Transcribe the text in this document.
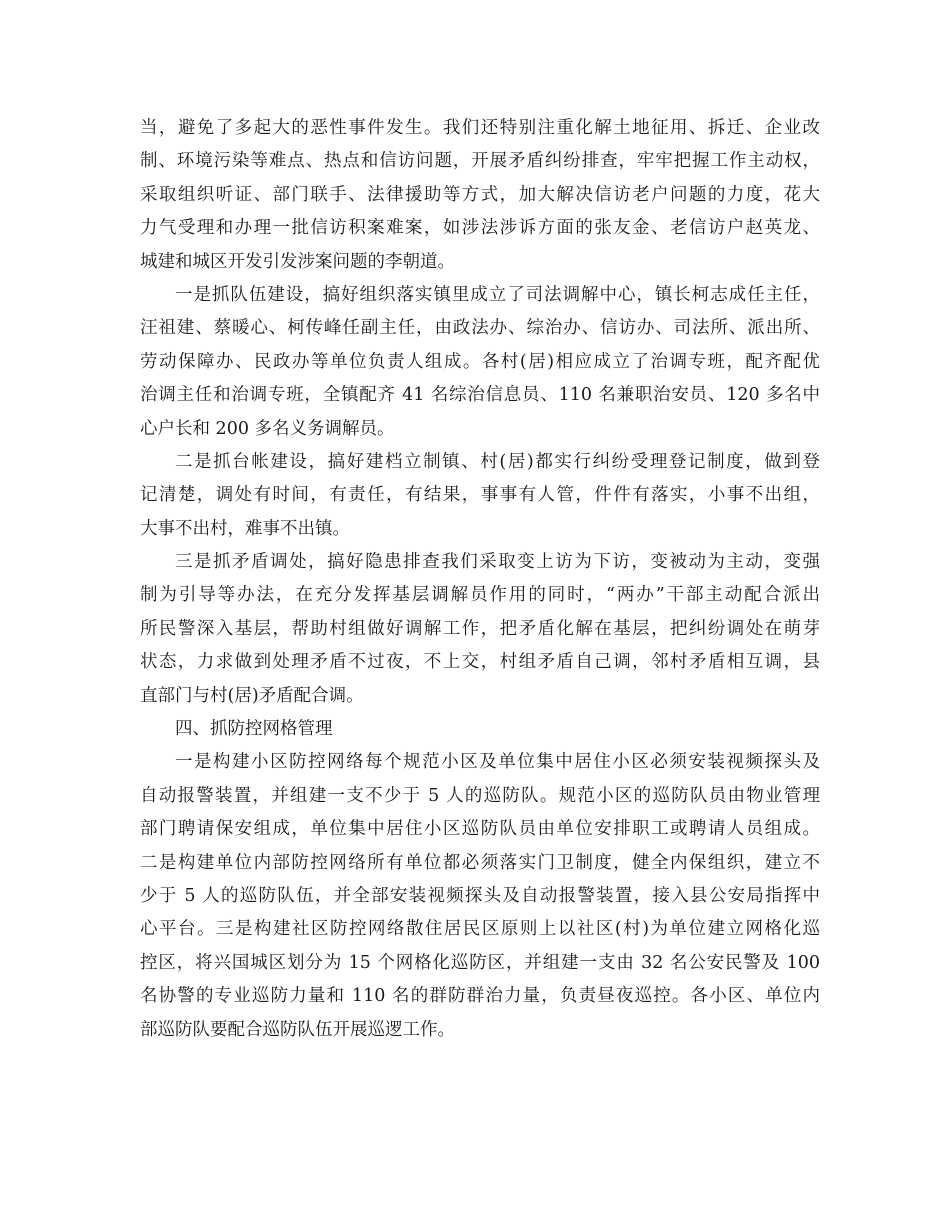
当，避免了多起大的恶性事件发生。我们还特别注重化解土地征用、拆迁、企业改
制、环境污染等难点、热点和信访问题，开展矛盾纠纷排查，牢牢把握工作主动权，
采取组织听证、部门联手、法律援助等方式，加大解决信访老户问题的力度，花大
力气受理和办理一批信访积案难案，如涉法涉诉方面的张友金、老信访户赵英龙、
城建和城区开发引发涉案问题的李朝道。
一是抓队伍建设，搞好组织落实镇里成立了司法调解中心，镇长柯志成任主任，
汪祖建、蔡暖心、柯传峰任副主任，由政法办、综治办、信访办、司法所、派出所、
劳动保障办、民政办等单位负责人组成。各村(居)相应成立了治调专班，配齐配优
治调主任和治调专班，全镇配齐 41 名综治信息员、110 名兼职治安员、120 多名中
心户长和 200 多名义务调解员。
二是抓台帐建设，搞好建档立制镇、村(居)都实行纠纷受理登记制度，做到登
记清楚，调处有时间，有责任，有结果，事事有人管，件件有落实，小事不出组，
大事不出村，难事不出镇。
三是抓矛盾调处，搞好隐患排查我们采取变上访为下访，变被动为主动，变强
制为引导等办法，在充分发挥基层调解员作用的同时，“两办”干部主动配合派出
所民警深入基层，帮助村组做好调解工作，把矛盾化解在基层，把纠纷调处在萌芽
状态，力求做到处理矛盾不过夜，不上交，村组矛盾自己调，邻村矛盾相互调，县
直部门与村(居)矛盾配合调。
四、抓防控网格管理
一是构建小区防控网络每个规范小区及单位集中居住小区必须安装视频探头及
自动报警装置，并组建一支不少于 5 人的巡防队。规范小区的巡防队员由物业管理
部门聘请保安组成，单位集中居住小区巡防队员由单位安排职工或聘请人员组成。
二是构建单位内部防控网络所有单位都必须落实门卫制度，健全内保组织，建立不
少于 5 人的巡防队伍，并全部安装视频探头及自动报警装置，接入县公安局指挥中
心平台。三是构建社区防控网络散住居民区原则上以社区(村)为单位建立网格化巡
控区，将兴国城区划分为 15 个网格化巡防区，并组建一支由 32 名公安民警及 100
名协警的专业巡防力量和 110 名的群防群治力量，负责昼夜巡控。各小区、单位内
部巡防队要配合巡防队伍开展巡逻工作。
